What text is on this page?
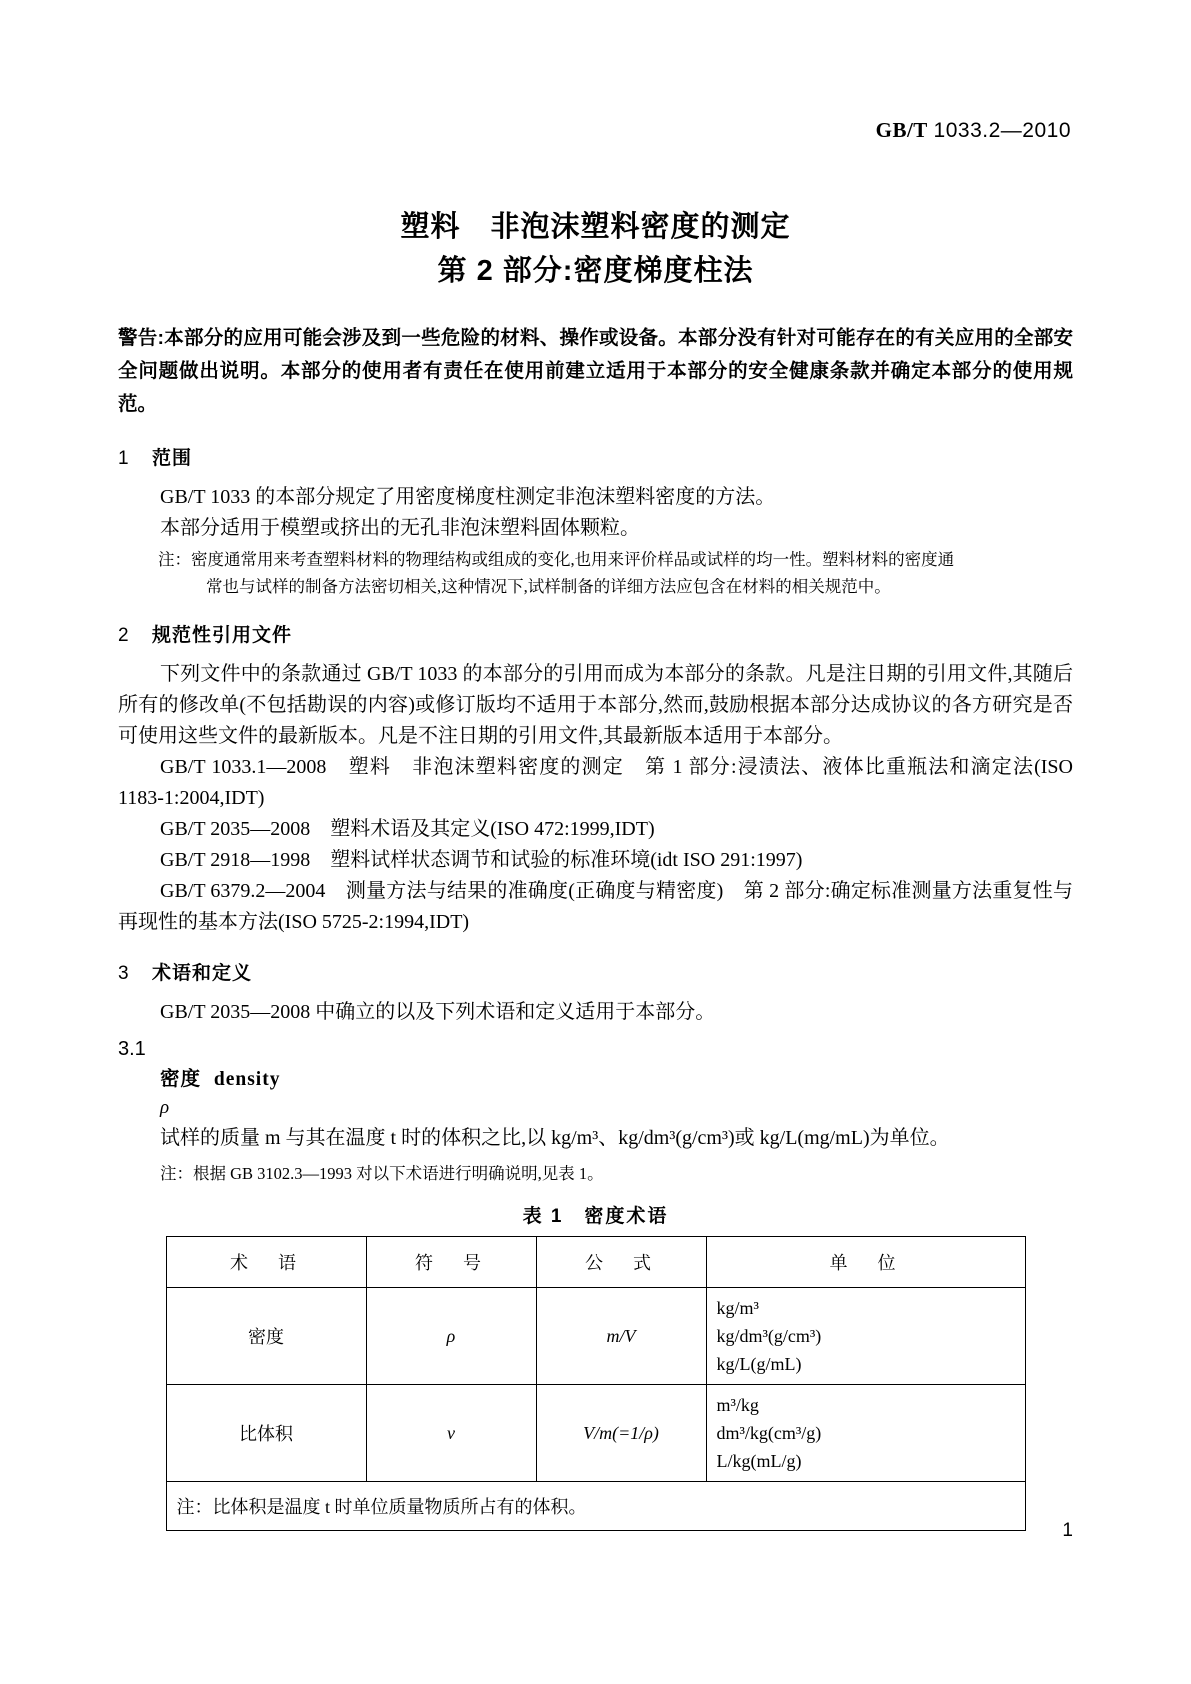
GB/T 1033.2—2010
塑料　非泡沫塑料密度的测定
第 2 部分:密度梯度柱法

警告:本部分的应用可能会涉及到一些危险的材料、操作或设备。本部分没有针对可能存在的有关应用的全部安全问题做出说明。本部分的使用者有责任在使用前建立适用于本部分的安全健康条款并确定本部分的使用规范。

1 范围

GB/T 1033 的本部分规定了用密度梯度柱测定非泡沫塑料密度的方法。

本部分适用于模塑或挤出的无孔非泡沫塑料固体颗粒。

注：密度通常用来考查塑料材料的物理结构或组成的变化,也用来评价样品或试样的均一性。塑料材料的密度通
常也与试样的制备方法密切相关,这种情况下,试样制备的详细方法应包含在材料的相关规范中。

2 规范性引用文件

下列文件中的条款通过 GB/T 1033 的本部分的引用而成为本部分的条款。凡是注日期的引用文件,其随后所有的修改单(不包括勘误的内容)或修订版均不适用于本部分,然而,鼓励根据本部分达成协议的各方研究是否可使用这些文件的最新版本。凡是不注日期的引用文件,其最新版本适用于本部分。

GB/T 1033.1—2008　塑料　非泡沫塑料密度的测定　第 1 部分:浸渍法、液体比重瓶法和滴定法(ISO 1183-1:2004,IDT)

GB/T 2035—2008　塑料术语及其定义(ISO 472:1999,IDT)

GB/T 2918—1998　塑料试样状态调节和试验的标准环境(idt ISO 291:1997)

GB/T 6379.2—2004　测量方法与结果的准确度(正确度与精密度)　第 2 部分:确定标准测量方法重复性与再现性的基本方法(ISO 5725-2:1994,IDT)

3 术语和定义

GB/T 2035—2008 中确立的以及下列术语和定义适用于本部分。

3.1
密度 density
ρ

试样的质量 m 与其在温度 t 时的体积之比,以 kg/m³、kg/dm³(g/cm³)或 kg/L(mg/mL)为单位。

注：根据 GB 3102.3—1993 对以下术语进行明确说明,见表 1。

表 1　密度术语
术　语	符　号	公　式	单　位
密度	ρ	m/V	kg/m³
kg/dm³(g/cm³)
kg/L(g/mL)

比体积	v	V/m(=1/ρ)	m³/kg
dm³/kg(cm³/g)
L/kg(mL/g)

注：比体积是温度 t 时单位质量物质所占有的体积。			
1
